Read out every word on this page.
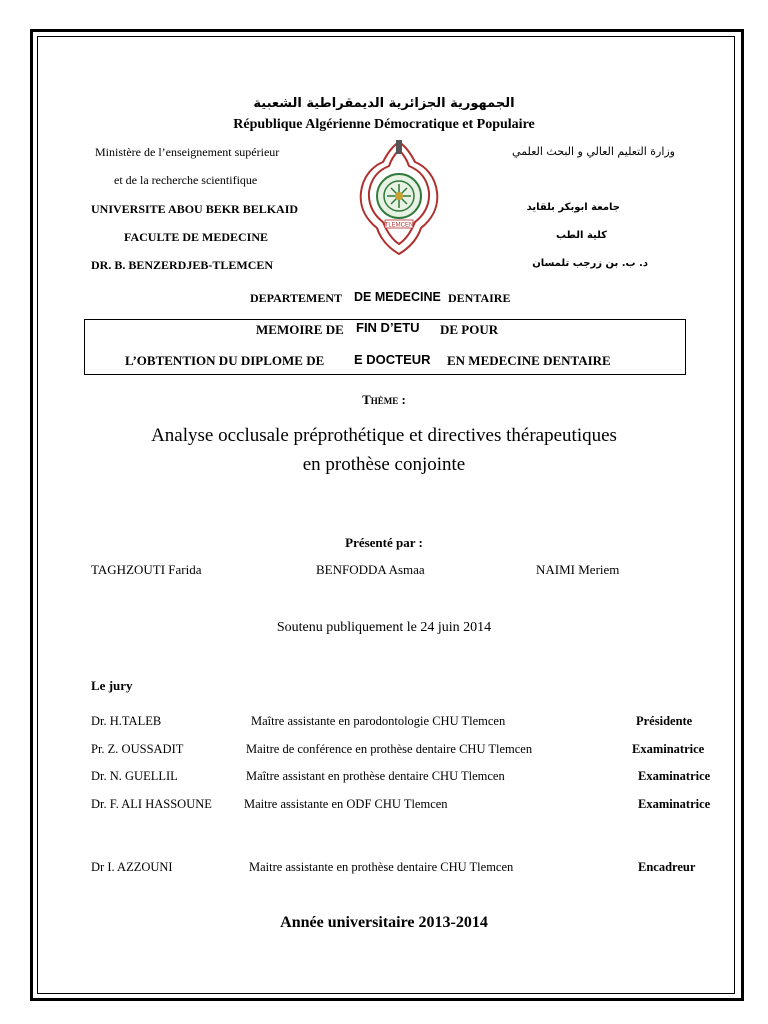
الجمهورية الجزائرية الديمقراطية الشعبية
République Algérienne Démocratique et Populaire
Ministère de l’enseignement supérieur
et de la recherche scientifique
وزارة التعليم العالي و البحث العلمي
UNIVERSITE ABOU BEKR BELKAID	جامعة ابوبكر بلقايد
FACULTE DE MEDECINE	كلية الطب
DR. B. BENZERDJEB-TLEMCEN	د. ب. بن زرجب تلمسان
TLEMCEN
DEPARTEMENT	DENTAIRE
DE MEDECINE
MEMOIRE DE FIN D’ETU DE POUR
L’OBTENTION DU DIPLOME DE E DOCTEUR EN MEDECINE DENTAIRE
Thème :
Analyse occlusale préprothétique et directives thérapeutiques
en prothèse conjointe
Présenté par :
TAGHZOUTI Farida	BENFODDA Asmaa	NAIMI Meriem
Soutenu publiquement le 24 juin 2014
Le jury
Dr. H.TALEB	Maître assistante en parodontologie CHU Tlemcen	Présidente
Pr. Z. OUSSADIT	Maitre de conférence en prothèse dentaire CHU Tlemcen	Examinatrice
Dr. N. GUELLIL	Maître assistant en prothèse dentaire CHU Tlemcen	Examinatrice
Dr. F. ALI HASSOUNE	Maitre assistante en ODF CHU Tlemcen	Examinatrice
Dr I. AZZOUNI	Maitre assistante en prothèse dentaire CHU Tlemcen	Encadreur
Année universitaire 2013-2014
